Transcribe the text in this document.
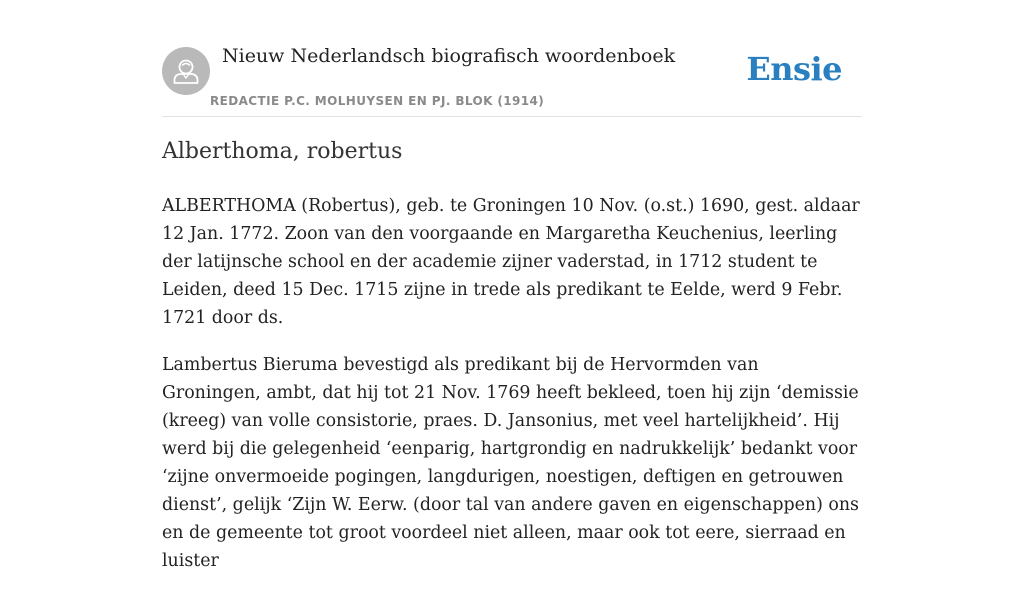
Nieuw Nederlandsch biografisch woordenboek
REDACTIE P.C. MOLHUYSEN EN PJ. BLOK (1914)
Ensie
Alberthoma, robertus

ALBERTHOMA (Robertus), geb. te Groningen 10 Nov. (o.st.) 1690, gest. aldaar 12 Jan. 1772. Zoon van den voorgaande en Margaretha Keuchenius, leerling der latijnsche school en der academie zijner vaderstad, in 1712 student te Leiden, deed 15 Dec. 1715 zijne in trede als predikant te Eelde, werd 9 Febr. 1721 door ds.

Lambertus Bieruma bevestigd als predikant bij de Hervormden van Groningen, ambt, dat hij tot 21 Nov. 1769 heeft bekleed, toen hij zijn ‘demissie (kreeg) van volle consistorie, praes. D. Jansonius, met veel hartelijkheid’. Hij werd bij die gelegenheid ‘eenparig, hartgrondig en nadrukkelijk’ bedankt voor ‘zijne onvermoeide pogingen, langdurigen, noestigen, deftigen en getrouwen dienst’, gelijk ‘Zijn W. Eerw. (door tal van andere gaven en eigenschappen) ons en de gemeente tot groot voordeel niet alleen, maar ook tot eere, sierraad en luister
